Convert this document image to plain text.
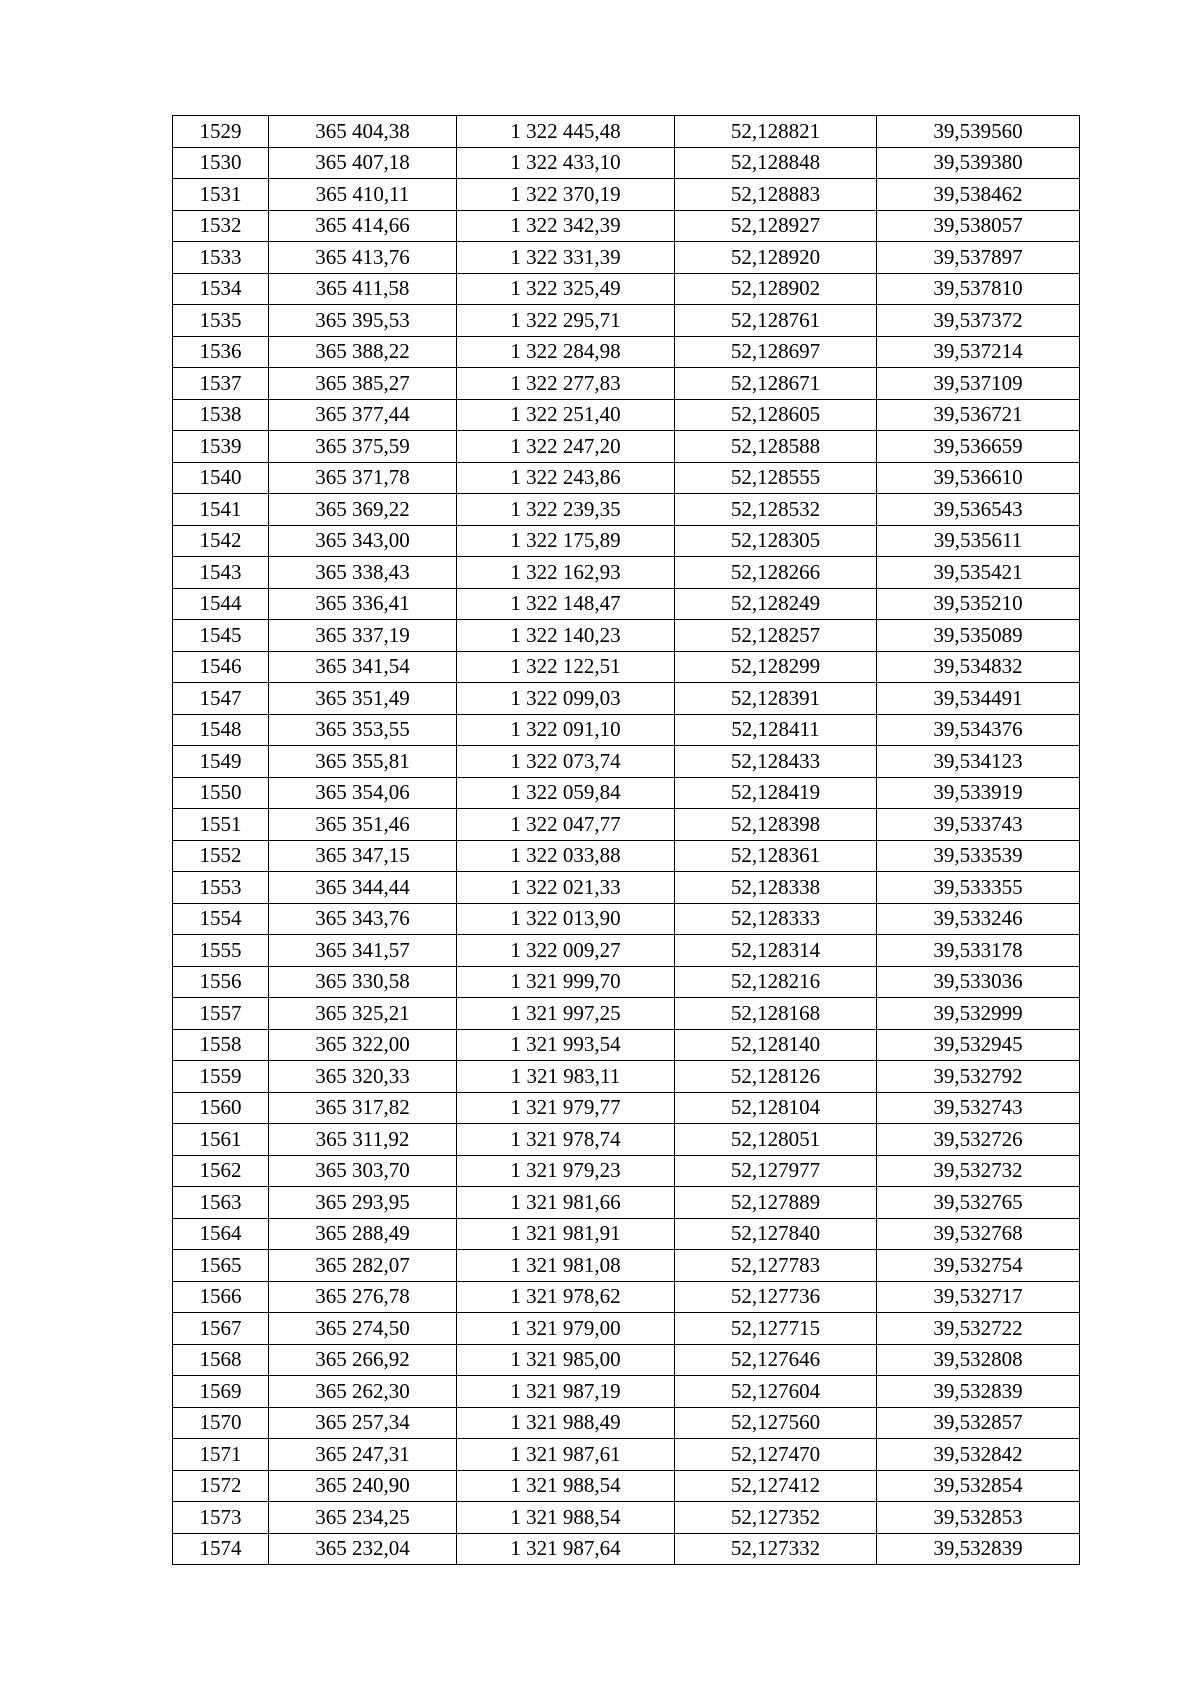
1529	365 404,38	1 322 445,48	52,128821	39,539560
1530	365 407,18	1 322 433,10	52,128848	39,539380
1531	365 410,11	1 322 370,19	52,128883	39,538462
1532	365 414,66	1 322 342,39	52,128927	39,538057
1533	365 413,76	1 322 331,39	52,128920	39,537897
1534	365 411,58	1 322 325,49	52,128902	39,537810
1535	365 395,53	1 322 295,71	52,128761	39,537372
1536	365 388,22	1 322 284,98	52,128697	39,537214
1537	365 385,27	1 322 277,83	52,128671	39,537109
1538	365 377,44	1 322 251,40	52,128605	39,536721
1539	365 375,59	1 322 247,20	52,128588	39,536659
1540	365 371,78	1 322 243,86	52,128555	39,536610
1541	365 369,22	1 322 239,35	52,128532	39,536543
1542	365 343,00	1 322 175,89	52,128305	39,535611
1543	365 338,43	1 322 162,93	52,128266	39,535421
1544	365 336,41	1 322 148,47	52,128249	39,535210
1545	365 337,19	1 322 140,23	52,128257	39,535089
1546	365 341,54	1 322 122,51	52,128299	39,534832
1547	365 351,49	1 322 099,03	52,128391	39,534491
1548	365 353,55	1 322 091,10	52,128411	39,534376
1549	365 355,81	1 322 073,74	52,128433	39,534123
1550	365 354,06	1 322 059,84	52,128419	39,533919
1551	365 351,46	1 322 047,77	52,128398	39,533743
1552	365 347,15	1 322 033,88	52,128361	39,533539
1553	365 344,44	1 322 021,33	52,128338	39,533355
1554	365 343,76	1 322 013,90	52,128333	39,533246
1555	365 341,57	1 322 009,27	52,128314	39,533178
1556	365 330,58	1 321 999,70	52,128216	39,533036
1557	365 325,21	1 321 997,25	52,128168	39,532999
1558	365 322,00	1 321 993,54	52,128140	39,532945
1559	365 320,33	1 321 983,11	52,128126	39,532792
1560	365 317,82	1 321 979,77	52,128104	39,532743
1561	365 311,92	1 321 978,74	52,128051	39,532726
1562	365 303,70	1 321 979,23	52,127977	39,532732
1563	365 293,95	1 321 981,66	52,127889	39,532765
1564	365 288,49	1 321 981,91	52,127840	39,532768
1565	365 282,07	1 321 981,08	52,127783	39,532754
1566	365 276,78	1 321 978,62	52,127736	39,532717
1567	365 274,50	1 321 979,00	52,127715	39,532722
1568	365 266,92	1 321 985,00	52,127646	39,532808
1569	365 262,30	1 321 987,19	52,127604	39,532839
1570	365 257,34	1 321 988,49	52,127560	39,532857
1571	365 247,31	1 321 987,61	52,127470	39,532842
1572	365 240,90	1 321 988,54	52,127412	39,532854
1573	365 234,25	1 321 988,54	52,127352	39,532853
1574	365 232,04	1 321 987,64	52,127332	39,532839
